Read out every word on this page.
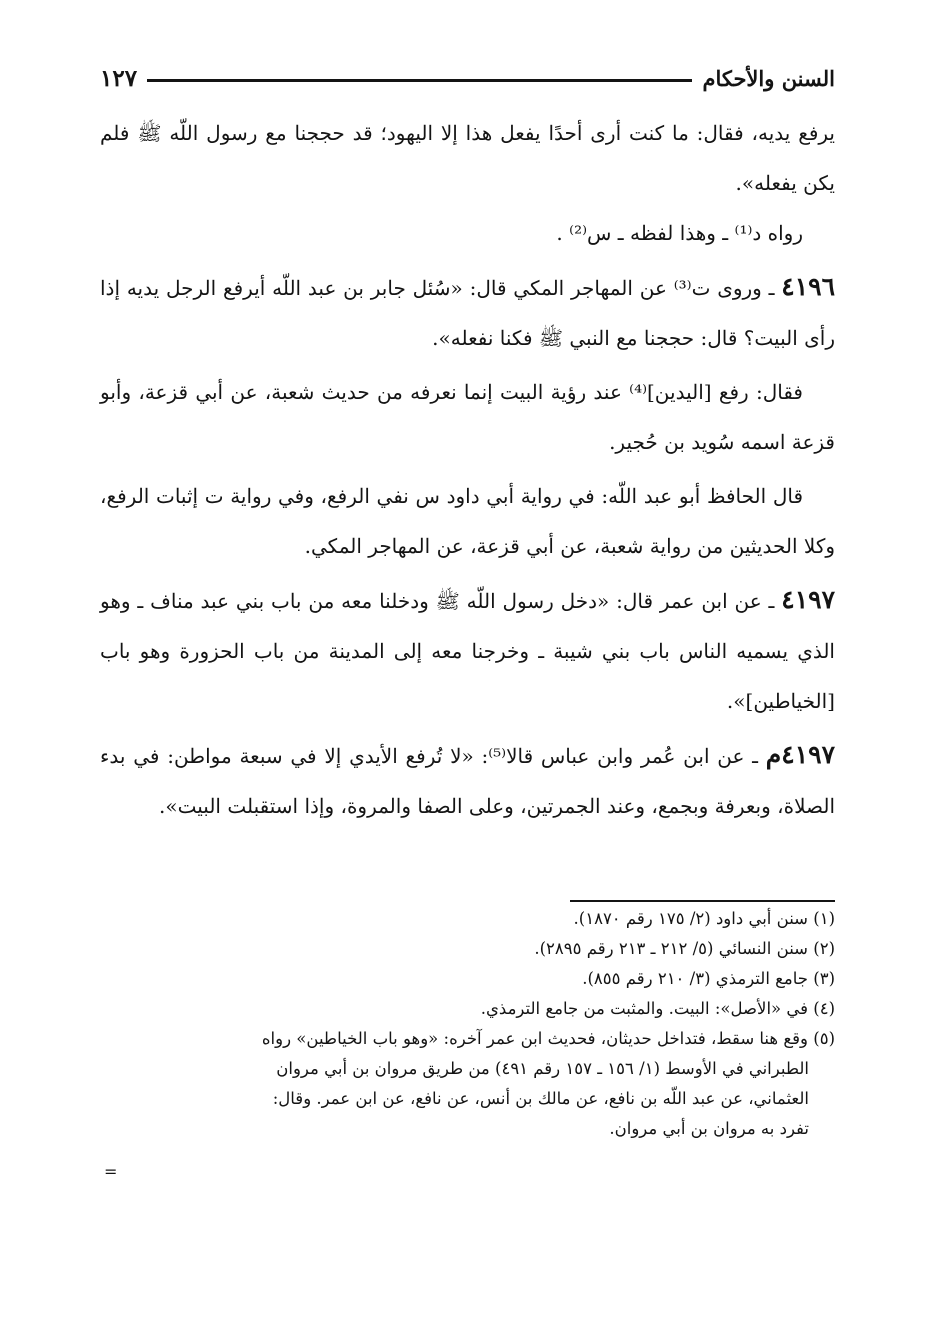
السنن والأحكام
١٢٧

يرفع يديه، فقال: ما كنت أرى أحدًا يفعل هذا إلا اليهود؛ قد حججنا مع رسول اللّه ﷺ فلم يكن يفعله».

رواه د⁽¹⁾ ـ وهذا لفظه ـ س⁽²⁾ .

٤١٩٦ ـ وروى ت⁽³⁾ عن المهاجر المكي قال: «سُئل جابر بن عبد اللّه أيرفع الرجل يديه إذا رأى البيت؟ قال: حججنا مع النبي ﷺ فكنا نفعله».

فقال: رفع [اليدين]⁽⁴⁾ عند رؤية البيت إنما نعرفه من حديث شعبة، عن أبي قزعة، وأبو قزعة اسمه سُويد بن حُجير.

قال الحافظ أبو عبد اللّه: في رواية أبي داود س نفي الرفع، وفي رواية ت إثبات الرفع، وكلا الحديثين من رواية شعبة، عن أبي قزعة، عن المهاجر المكي.

٤١٩٧ ـ عن ابن عمر قال: «دخل رسول اللّه ﷺ ودخلنا معه من باب بني عبد مناف ـ وهو الذي يسميه الناس باب بني شيبة ـ وخرجنا معه إلى المدينة من باب الحزورة وهو باب [الخياطين]».

٤١٩٧م ـ عن ابن عُمر وابن عباس قالا⁽⁵⁾: «لا تُرفع الأيدي إلا في سبعة مواطن: في بدء الصلاة، وبعرفة وبجمع، وعند الجمرتين، وعلى الصفا والمروة، وإذا استقبلت البيت».

(١) سنن أبي داود (٢/ ١٧٥ رقم ١٨٧٠).

(٢) سنن النسائي (٥/ ٢١٢ ـ ٢١٣ رقم ٢٨٩٥).

(٣) جامع الترمذي (٣/ ٢١٠ رقم ٨٥٥).

(٤) في «الأصل»: البيت. والمثبت من جامع الترمذي.

(٥) وقع هنا سقط، فتداخل حديثان، فحديث ابن عمر آخره: «وهو باب الخياطين» رواه

الطبراني في الأوسط (١/ ١٥٦ ـ ١٥٧ رقم ٤٩١) من طريق مروان بن أبي مروان

العثماني، عن عبد اللّه بن نافع، عن مالك بن أنس، عن نافع، عن ابن عمر. وقال:

تفرد به مروان بن أبي مروان.

=
